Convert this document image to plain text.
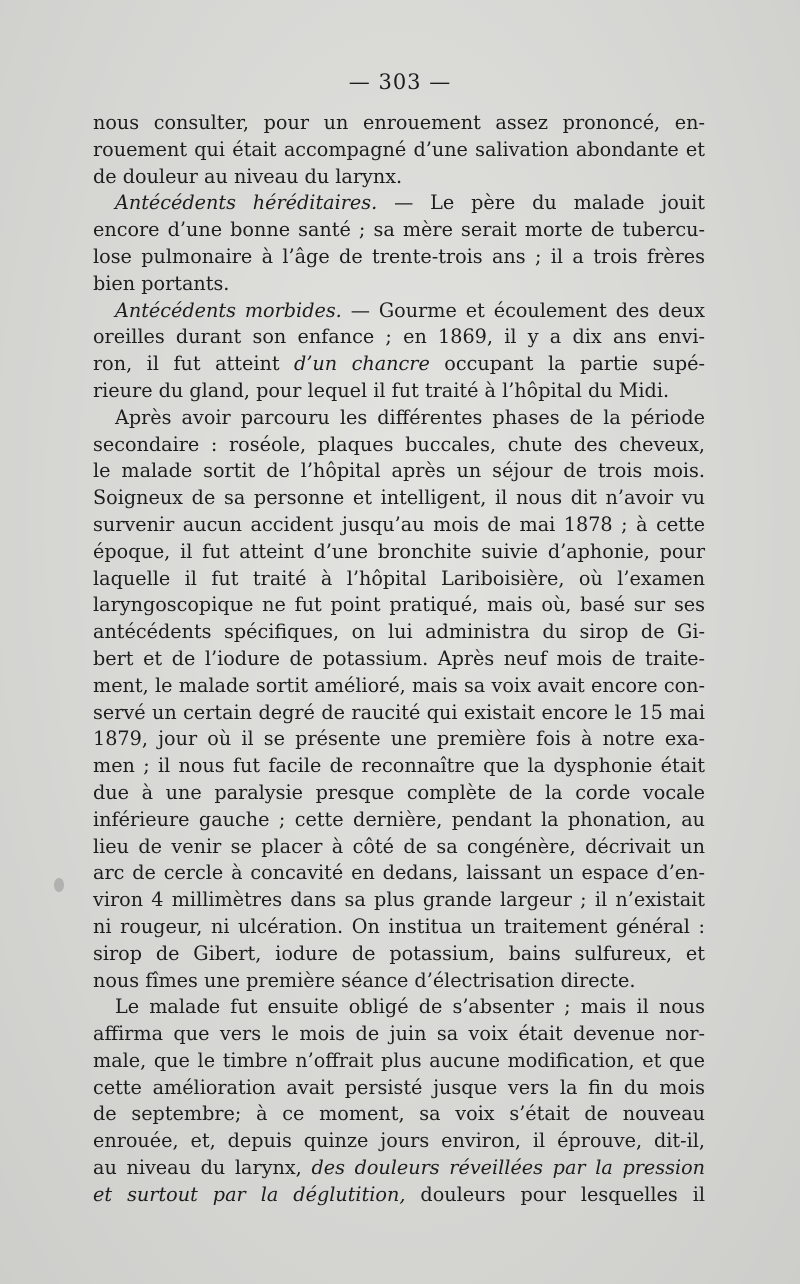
— 303 —
nous consulter, pour un enrouement assez prononcé, en-
rouement qui était accompagné d’une salivation abondante et
de douleur au niveau du larynx.
Antécédents héréditaires. — Le père du malade jouit
encore d’une bonne santé ; sa mère serait morte de tubercu-
lose pulmonaire à l’âge de trente-trois ans ; il a trois frères
bien portants.
Antécédents morbides. — Gourme et écoulement des deux
oreilles durant son enfance ; en 1869, il y a dix ans envi-
ron, il fut atteint d’un chancre occupant la partie supé-
rieure du gland, pour lequel il fut traité à l’hôpital du Midi.
Après avoir parcouru les différentes phases de la période
secondaire : roséole, plaques buccales, chute des cheveux,
le malade sortit de l’hôpital après un séjour de trois mois.
Soigneux de sa personne et intelligent, il nous dit n’avoir vu
survenir aucun accident jusqu’au mois de mai 1878 ; à cette
époque, il fut atteint d’une bronchite suivie d’aphonie, pour
laquelle il fut traité à l’hôpital Lariboisière, où l’examen
laryngoscopique ne fut point pratiqué, mais où, basé sur ses
antécédents spécifiques, on lui administra du sirop de Gi-
bert et de l’iodure de potassium. Après neuf mois de traite-
ment, le malade sortit amélioré, mais sa voix avait encore con-
servé un certain degré de raucité qui existait encore le 15 mai
1879, jour où il se présente une première fois à notre exa-
men ; il nous fut facile de reconnaître que la dysphonie était
due à une paralysie presque complète de la corde vocale
inférieure gauche ; cette dernière, pendant la phonation, au
lieu de venir se placer à côté de sa congénère, décrivait un
arc de cercle à concavité en dedans, laissant un espace d’en-
viron 4 millimètres dans sa plus grande largeur ; il n’existait
ni rougeur, ni ulcération. On institua un traitement général :
sirop de Gibert, iodure de potassium, bains sulfureux, et
nous fîmes une première séance d’électrisation directe.
Le malade fut ensuite obligé de s’absenter ; mais il nous
affirma que vers le mois de juin sa voix était devenue nor-
male, que le timbre n’offrait plus aucune modification, et que
cette amélioration avait persisté jusque vers la fin du mois
de septembre; à ce moment, sa voix s’était de nouveau
enrouée, et, depuis quinze jours environ, il éprouve, dit-il,
au niveau du larynx, des douleurs réveillées par la pression
et surtout par la déglutition, douleurs pour lesquelles il
